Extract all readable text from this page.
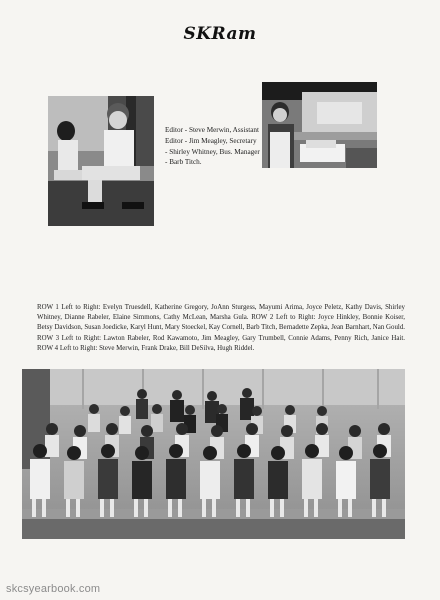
SKRam
Editor - Steve Merwin, Assistant Editor - Jim Meagley, Secretary - Shirley Whitney, Bus. Manager - Barb Titch.
ROW 1 Left to Right: Evelyn Truesdell, Katherine Gregory, JoAnn Sturgess, Mayumi Arima, Joyce Peletz, Kathy Davis, Shirley Whitney, Dianne Rabeler, Elaine Simmons, Cathy McLean, Marsha Gula. ROW 2 Left to Right: Joyce Hinkley, Bonnie Koiser, Betsy Davidson, Susan Joedicke, Karyl Hunt, Mary Stoeckel, Kay Cornell, Barb Titch, Bernadette Zepka, Jean Barnhart, Nan Gould. ROW 3 Left to Right: Lawton Rabeler, Rod Kawamoto, Jim Meagley, Gary Trumbell, Connie Adams, Penny Rich, Janice Hait. ROW 4 Left to Right: Steve Merwin, Frank Drake, Bill DeSilva, Hugh Riddel.
skcsyearbook.com
